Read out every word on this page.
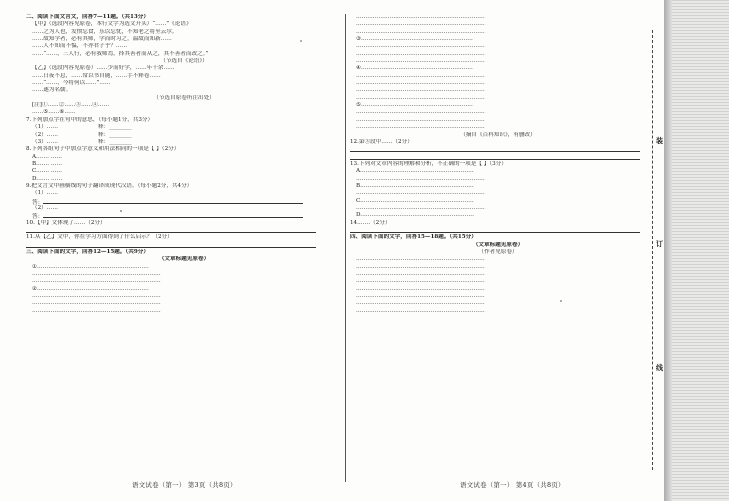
二、阅读下面文言文，回答7—11题。（共13分）
【甲】（选段内容见原卷，本行文字为选文开头）“……”《论语》
……之为人也，发愤忘食，乐以忘忧，不知老之将至云尔。
……故知学者，必有其师，学而时习之，温故而知新……
……人不知而不愠，不亦君子乎？……
……“……，三人行，必有我师焉，择其善者而从之，其不善者而改之。”
（节选自《论语》）
【乙】（选段内容见原卷）……少而好学，……年十余……
……日夜不息，……常以书自随，……手不释卷……
……“……，今将何以……”……
……遂为名儒。
（节选自原卷所注出处）
[注]①……②……③……④……
……⑤……⑥……
7.下列加点字在句中的意思，（每小题1分，共3分）
（1）……	释：________
（2）……	释：________
（3）……	释：________
8.下列各组句子中加点字意义和用法相同的一项是【 】（2分）
A.…… ……
B.…… ……
C.…… ……
D.…… ……
9.把文言文中画横线的句子翻译成现代汉语。（每小题2分，共4分）
（1）……
答：
（2）……
答：
10.【甲】文体现了……（2分）
11.从【乙】文中，你在学习方面得到了什么启示？（2分）
三、阅读下面的文字，回答12—15题。（共9分）
（文章标题见原卷）
①……………………………………………………
……………………………………………………………
……………………………………………………………
②……………………………………………………
……………………………………………………………
……………………………………………………………
……………………………………………………………
……………………………………………………………
……………………………………………………………
……………………………………………………………
③……………………………………………………
……………………………………………………………
……………………………………………………………
……………………………………………………………
④……………………………………………………
……………………………………………………………
……………………………………………………………
……………………………………………………………
……………………………………………………………
⑤……………………………………………………
……………………………………………………………
……………………………………………………………
……………………………………………………………
（摘自《百科知识》，有删改）
12.第③段中……（2分）
13.下列对文章内容的理解和分析，不正确的一项是【 】（3分）
A.……………………………………………………
……………………………………………………………
B.……………………………………………………
……………………………………………………………
C.……………………………………………………
……………………………………………………………
D.……………………………………………………
14.……（2分）
四、阅读下面的文字，回答15—18题。（共15分）
（文章标题见原卷）
（作者见原卷）
……………………………………………………………
……………………………………………………………
……………………………………………………………
……………………………………………………………
……………………………………………………………
……………………………………………………………
……………………………………………………………
……………………………………………………………
语文试卷（第一） 第3页（共8页）	语文试卷（第一） 第4页（共8页）
装
订
线
